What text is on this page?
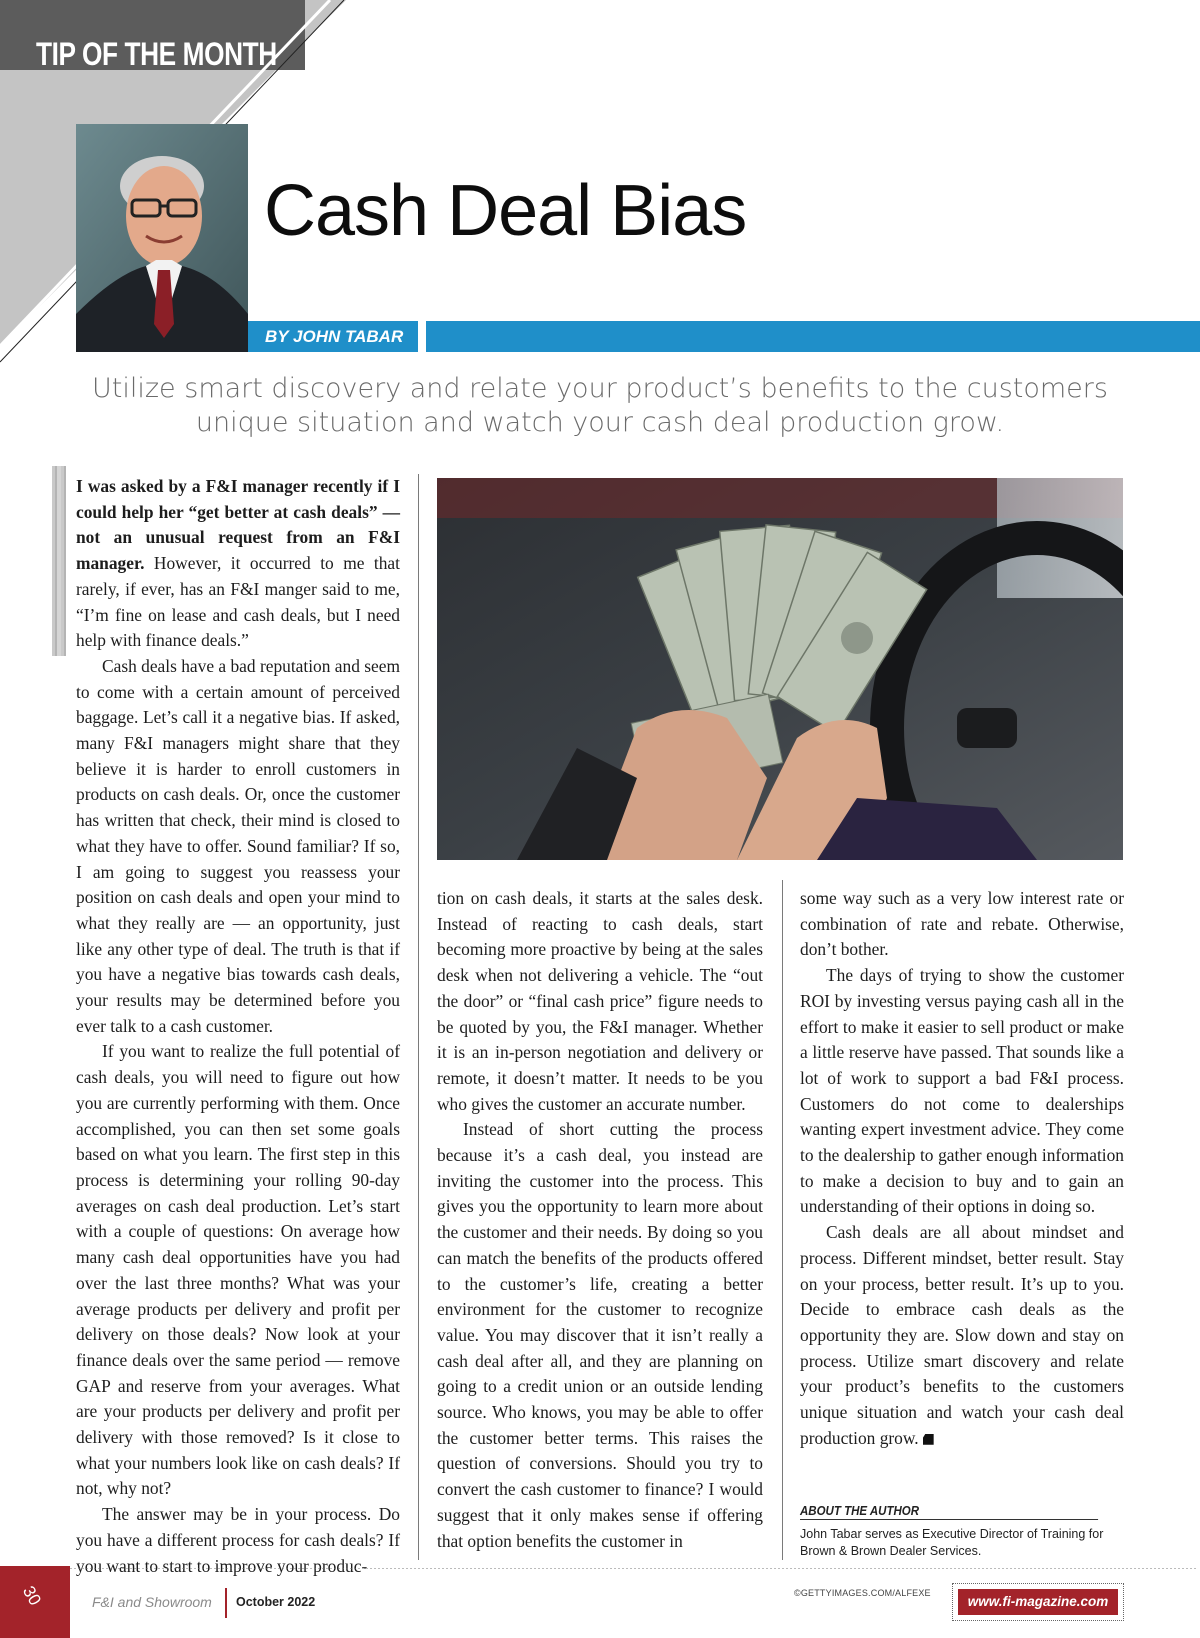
TIP OF THE MONTH
Cash Deal Bias
BY JOHN TABAR
Utilize smart discovery and relate your product’s benefits to the customers
unique situation and watch your cash deal production grow.

I was asked by a F&I manager recently if I could help her “get better at cash deals” — not an unusual request from an F&I manager. However, it occurred to me that rarely, if ever, has an F&I manger said to me, “I’m fine on lease and cash deals, but I need help with finance deals.”

Cash deals have a bad reputation and seem to come with a certain amount of perceived baggage. Let’s call it a negative bias. If asked, many F&I managers might share that they believe it is harder to enroll customers in products on cash deals. Or, once the customer has written that check, their mind is closed to what they have to offer. Sound familiar? If so, I am going to suggest you reassess your position on cash deals and open your mind to what they really are — an opportunity, just like any other type of deal. The truth is that if you have a negative bias towards cash deals, your results may be determined before you ever talk to a cash customer.

If you want to realize the full potential of cash deals, you will need to figure out how you are currently performing with them. Once accomplished, you can then set some goals based on what you learn. The first step in this process is determining your rolling 90-day averages on cash deal production. Let’s start with a couple of questions: On average how many cash deal opportunities have you had over the last three months? What was your average products per delivery and profit per delivery on those deals? Now look at your finance deals over the same period — remove GAP and reserve from your averages. What are your products per delivery and profit per delivery with those removed? Is it close to what your numbers look like on cash deals? If not, why not?

The answer may be in your process. Do you have a different process for cash deals? If you want to start to improve your produc-

tion on cash deals, it starts at the sales desk. Instead of reacting to cash deals, start becoming more proactive by being at the sales desk when not delivering a vehicle. The “out the door” or “final cash price” figure needs to be quoted by you, the F&I manager. Whether it is an in-person negotiation and delivery or remote, it doesn’t matter. It needs to be you who gives the customer an accurate number.

Instead of short cutting the process because it’s a cash deal, you instead are inviting the customer into the process. This gives you the opportunity to learn more about the customer and their needs. By doing so you can match the benefits of the products offered to the customer’s life, creating a better environment for the customer to recognize value. You may discover that it isn’t really a cash deal after all, and they are planning on going to a credit union or an outside lending source. Who knows, you may be able to offer the customer better terms. This raises the question of conversions. Should you try to convert the cash customer to finance? I would suggest that it only makes sense if offering that option benefits the customer in

some way such as a very low interest rate or combination of rate and rebate. Otherwise, don’t bother.

The days of trying to show the customer ROI by investing versus paying cash all in the effort to make it easier to sell product or make a little reserve have passed. That sounds like a lot of work to support a bad F&I process. Customers do not come to dealerships wanting expert investment advice. They come to the dealership to gather enough information to make a decision to buy and to gain an understanding of their options in doing so.

Cash deals are all about mindset and process. Different mindset, better result. Stay on your process, better result. It’s up to you. Decide to embrace cash deals as the opportunity they are. Slow down and stay on process. Utilize smart discovery and relate your product’s benefits to the customers unique situation and watch your cash deal production grow.

ABOUT THE AUTHOR
John Tabar serves as Executive Director of Training for Brown & Brown Dealer Services.
©GETTYIMAGES.COM/ALFEXE
30	F&I and Showroom October 2022	www.fi-magazine.com
